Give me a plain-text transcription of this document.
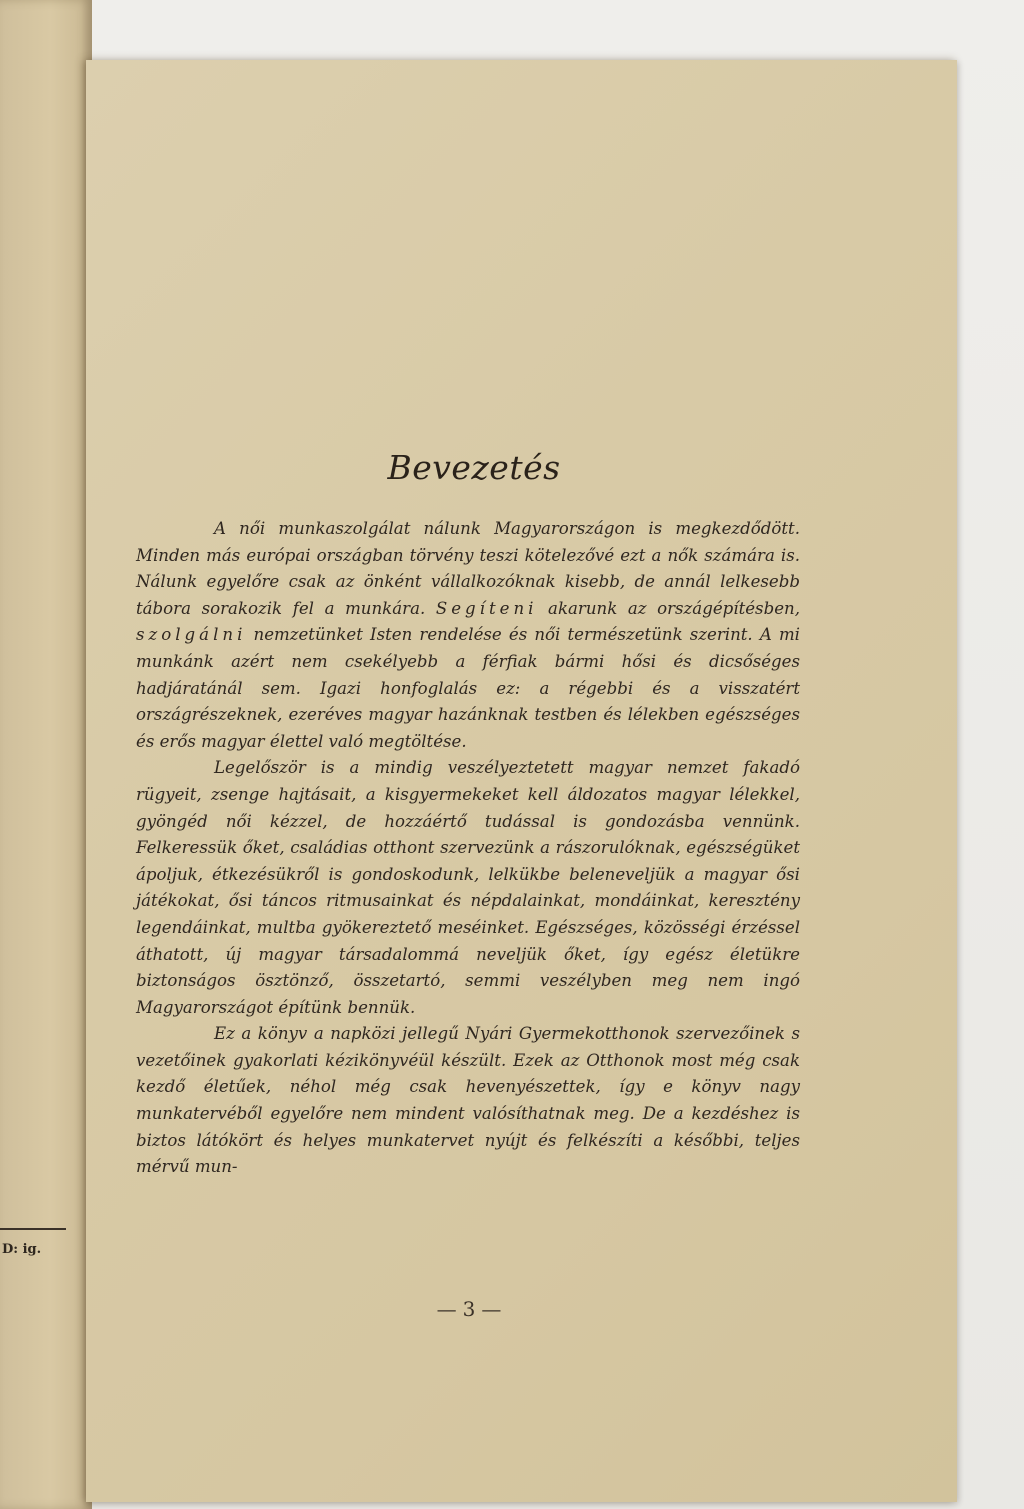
D: ig.
Bevezetés

A női munkaszolgálat nálunk Magyarországon is megkezdődött. Minden más európai országban törvény teszi kötelezővé ezt a nők számára is. Nálunk egyelőre csak az önként vállalkozóknak kisebb, de annál lelkesebb tábora sorakozik fel a munkára. Segíteni akarunk az országépítésben, szolgálni nemzetünket Isten rendelése és női természetünk szerint. A mi munkánk azért nem csekélyebb a férfiak bármi hősi és dicsőséges hadjáratánál sem. Igazi honfoglalás ez: a régebbi és a visszatért országrészeknek, ezeréves magyar hazánknak testben és lélekben egészséges és erős magyar élettel való megtöltése.

Legelőször is a mindig veszélyeztetett magyar nemzet fakadó rügyeit, zsenge hajtásait, a kisgyermekeket kell áldozatos magyar lélekkel, gyöngéd női kézzel, de hozzáértő tudással is gondozásba vennünk. Felkeressük őket, családias otthont szervezünk a rászorulóknak, egészségüket ápoljuk, étkezésükről is gondoskodunk, lelkükbe beleneveljük a magyar ősi játékokat, ősi táncos ritmusainkat és népdalainkat, mondáinkat, keresztény legendáinkat, multba gyökereztető meséinket. Egészséges, közösségi érzéssel áthatott, új magyar társadalommá neveljük őket, így egész életükre biztonságos ösztönző, összetartó, semmi veszélyben meg nem ingó Magyarországot építünk bennük.

Ez a könyv a napközi jellegű Nyári Gyermekotthonok szervezőinek s vezetőinek gyakorlati kézikönyvéül készült. Ezek az Otthonok most még csak kezdő életűek, néhol még csak hevenyészettek, így e könyv nagy munkatervéből egyelőre nem mindent valósíthatnak meg. De a kezdéshez is biztos látókört és helyes munkatervet nyújt és felkészíti a későbbi, teljes mérvű mun-

— 3 —
